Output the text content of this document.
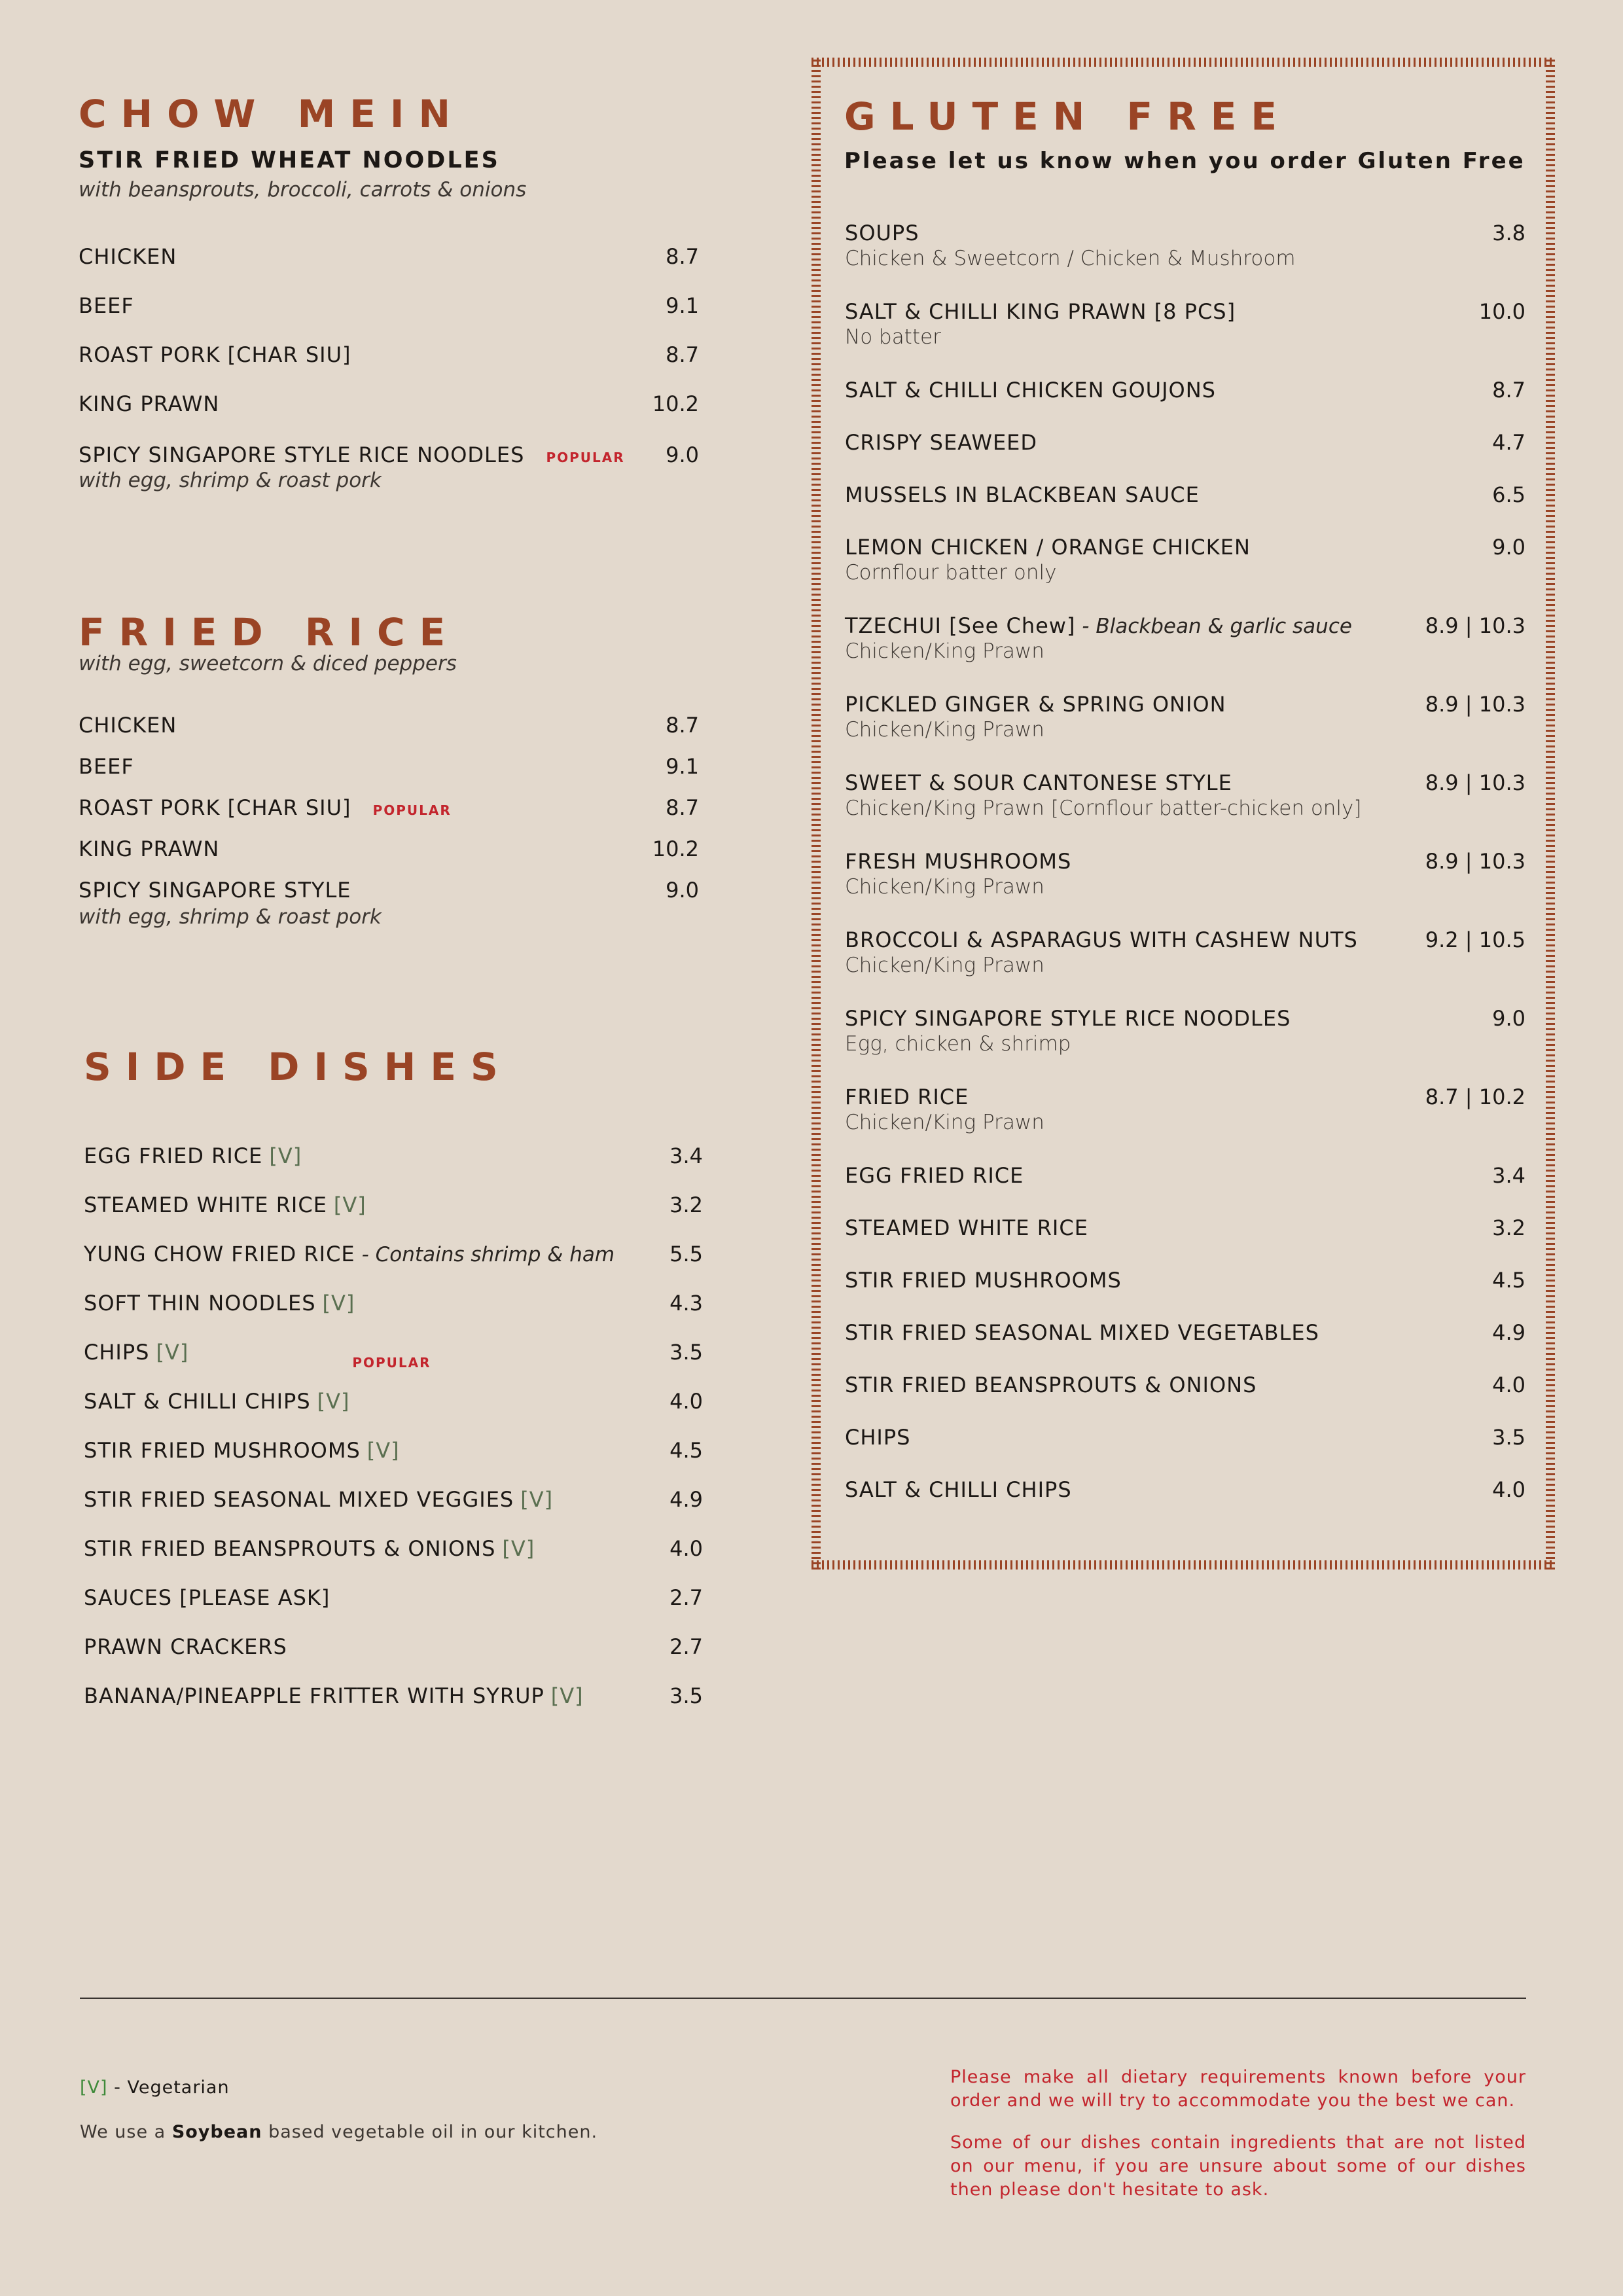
CHOW MEIN
STIR FRIED WHEAT NOODLES
with beansprouts, broccoli, carrots & onions
CHICKEN	8.7
BEEF	9.1
ROAST PORK [CHAR SIU]	8.7
KING PRAWN	10.2
SPICY SINGAPORE STYLE RICE NOODLES POPULAR 9.0
with egg, shrimp & roast pork
FRIED RICE
with egg, sweetcorn & diced peppers
CHICKEN	8.7
BEEF	9.1
ROAST PORK [CHAR SIU] POPULAR	8.7
KING PRAWN	10.2
SPICY SINGAPORE STYLE	9.0
with egg, shrimp & roast pork
SIDE DISHES
EGG FRIED RICE [V]	3.4
STEAMED WHITE RICE [V]	3.2
YUNG CHOW FRIED RICE - Contains shrimp & ham	5.5
SOFT THIN NOODLES [V]	4.3
CHIPS [V]	POPULAR	3.5
SALT & CHILLI CHIPS [V]	4.0
STIR FRIED MUSHROOMS [V]	4.5
STIR FRIED SEASONAL MIXED VEGGIES [V]	4.9
STIR FRIED BEANSPROUTS & ONIONS [V]	4.0
SAUCES [PLEASE ASK]	2.7
PRAWN CRACKERS	2.7
BANANA/PINEAPPLE FRITTER WITH SYRUP [V]	3.5
GLUTEN FREE
Please let us know when you order Gluten Free
SOUPS	3.8
Chicken & Sweetcorn / Chicken & Mushroom
SALT & CHILLI KING PRAWN [8 PCS]	10.0
No batter
SALT & CHILLI CHICKEN GOUJONS	8.7
CRISPY SEAWEED	4.7
MUSSELS IN BLACKBEAN SAUCE	6.5
LEMON CHICKEN / ORANGE CHICKEN	9.0
Cornflour batter only
TZECHUI [See Chew] - Blackbean & garlic sauce	8.9 | 10.3
Chicken/King Prawn
PICKLED GINGER & SPRING ONION	8.9 | 10.3
Chicken/King Prawn
SWEET & SOUR CANTONESE STYLE	8.9 | 10.3
Chicken/King Prawn [Cornflour batter-chicken only]
FRESH MUSHROOMS	8.9 | 10.3
Chicken/King Prawn
BROCCOLI & ASPARAGUS WITH CASHEW NUTS	9.2 | 10.5
Chicken/King Prawn
SPICY SINGAPORE STYLE RICE NOODLES	9.0
Egg, chicken & shrimp
FRIED RICE	8.7 | 10.2
Chicken/King Prawn
EGG FRIED RICE	3.4
STEAMED WHITE RICE	3.2
STIR FRIED MUSHROOMS	4.5
STIR FRIED SEASONAL MIXED VEGETABLES	4.9
STIR FRIED BEANSPROUTS & ONIONS	4.0
CHIPS	3.5
SALT & CHILLI CHIPS	4.0
[V] - Vegetarian
We use a Soybean based vegetable oil in our kitchen.
Please make all dietary requirements known before your order and we will try to accommodate you the best we can.
Some of our dishes contain ingredients that are not listed on our menu, if you are unsure about some of our dishes then please don't hesitate to ask.
